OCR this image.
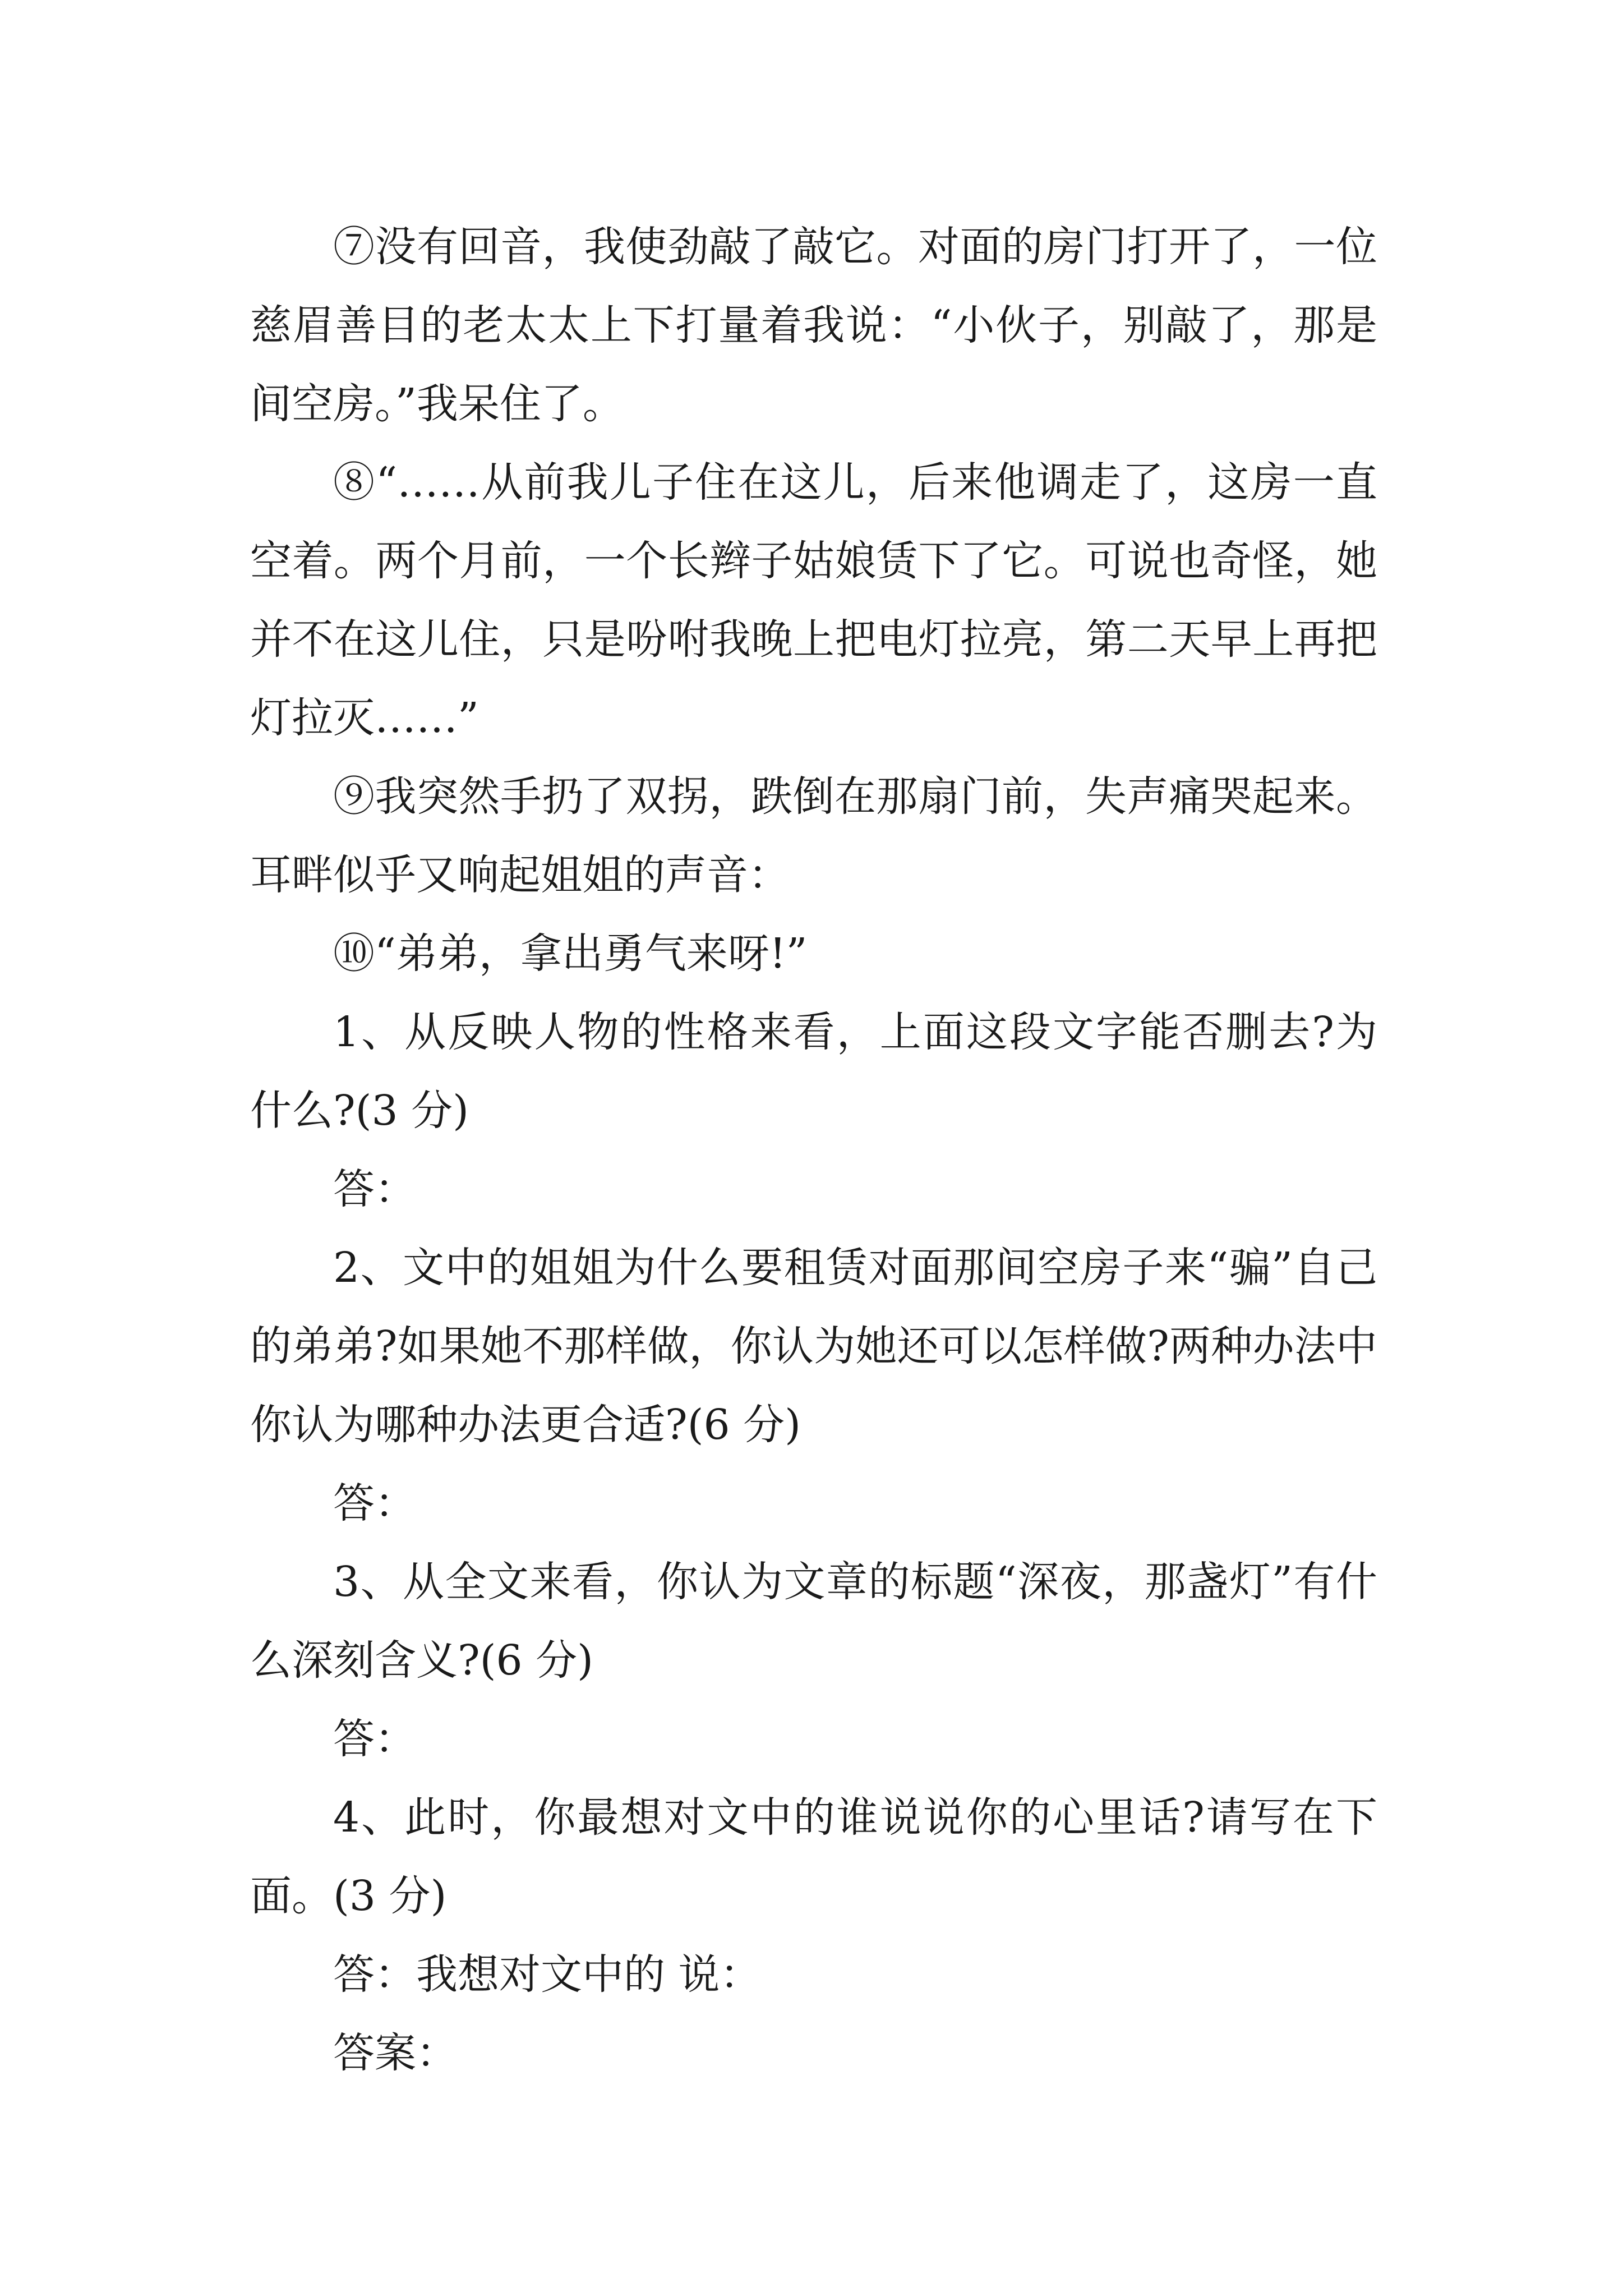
⑦没有回音，我使劲敲了敲它。对面的房门打开了，一位慈眉善目的老太太上下打量着我说：“小伙子，别敲了，那是间空房。”我呆住了。

⑧“……从前我儿子住在这儿，后来他调走了，这房一直空着。两个月前，一个长辫子姑娘赁下了它。可说也奇怪，她并不在这儿住，只是吩咐我晚上把电灯拉亮，第二天早上再把灯拉灭……”

⑨我突然手扔了双拐，跌倒在那扇门前，失声痛哭起来。耳畔似乎又响起姐姐的声音：

⑩“弟弟，拿出勇气来呀!”

1、从反映人物的性格来看，上面这段文字能否删去?为什么?(3 分)

答：

2、文中的姐姐为什么要租赁对面那间空房子来“骗”自己的弟弟?如果她不那样做，你认为她还可以怎样做?两种办法中你认为哪种办法更合适?(6 分)

答：

3、从全文来看，你认为文章的标题“深夜，那盏灯”有什么深刻含义?(6 分)

答：

4、此时，你最想对文中的谁说说你的心里话?请写在下面。(3 分)

答：我想对文中的 说：

答案：
